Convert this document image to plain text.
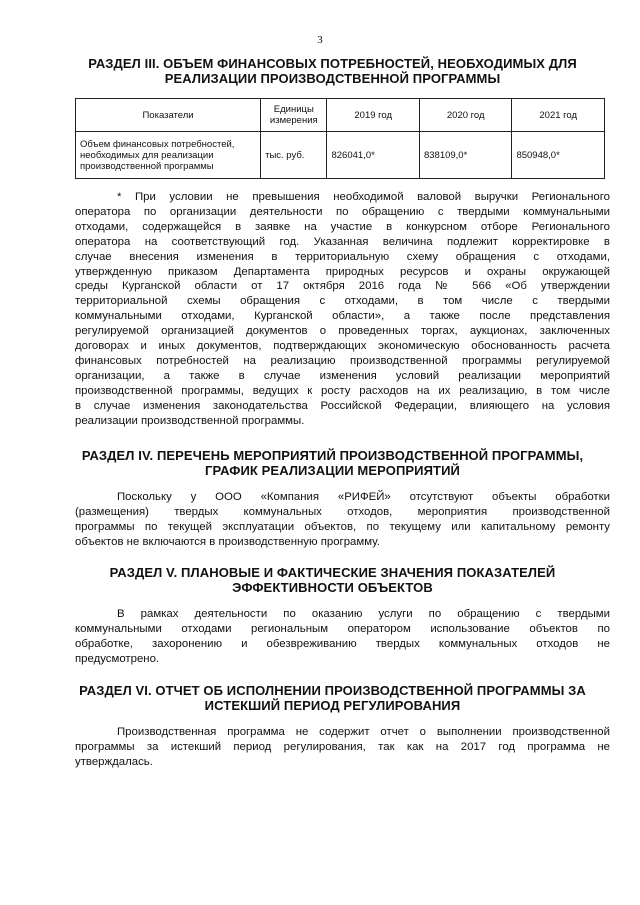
3
РАЗДЕЛ III. ОБЪЕМ ФИНАНСОВЫХ ПОТРЕБНОСТЕЙ, НЕОБХОДИМЫХ ДЛЯ
РЕАЛИЗАЦИИ ПРОИЗВОДСТВЕННОЙ ПРОГРАММЫ
Показатели	Единицы измерения	2019 год	2020 год	2021 год
Объем финансовых потребностей, необходимых для реализации производственной программы	тыс. руб.	826041,0*	838109,0*	850948,0*

* При условии не превышения необходимой валовой выручки Регионального
оператора по организации деятельности по обращению с твердыми коммунальными
отходами, содержащейся в заявке на участие в конкурсном отборе Регионального
оператора на соответствующий год. Указанная величина подлежит корректировке в
случае внесения изменения в территориальную схему обращения с отходами,
утвержденную приказом Департамента природных ресурсов и охраны окружающей
среды Курганской области от 17 октября 2016 года № 566 «Об утверждении
территориальной схемы обращения с отходами, в том числе с твердыми
коммунальными отходами, Курганской области», а также после представления
регулируемой организацией документов о проведенных торгах, аукционах, заключенных
договорах и иных документов, подтверждающих экономическую обоснованность расчета
финансовых потребностей на реализацию производственной программы регулируемой
организации, а также в случае изменения условий реализации мероприятий
производственной программы, ведущих к росту расходов на их реализацию, в том числе
в случае изменения законодательства Российской Федерации, влияющего на условия
реализации производственной программы.

РАЗДЕЛ IV. ПЕРЕЧЕНЬ МЕРОПРИЯТИЙ ПРОИЗВОДСТВЕННОЙ ПРОГРАММЫ,
ГРАФИК РЕАЛИЗАЦИИ МЕРОПРИЯТИЙ

Поскольку у ООО «Компания «РИФЕЙ» отсутствуют объекты обработки
(размещения) твердых коммунальных отходов, мероприятия производственной
программы по текущей эксплуатации объектов, по текущему или капитальному ремонту
объектов не включаются в производственную программу.

РАЗДЕЛ V. ПЛАНОВЫЕ И ФАКТИЧЕСКИЕ ЗНАЧЕНИЯ ПОКАЗАТЕЛЕЙ
ЭФФЕКТИВНОСТИ ОБЪЕКТОВ

В рамках деятельности по оказанию услуги по обращению с твердыми
коммунальными отходами региональным оператором использование объектов по
обработке, захоронению и обезвреживанию твердых коммунальных отходов не
предусмотрено.

РАЗДЕЛ VI. ОТЧЕТ ОБ ИСПОЛНЕНИИ ПРОИЗВОДСТВЕННОЙ ПРОГРАММЫ ЗА
ИСТЕКШИЙ ПЕРИОД РЕГУЛИРОВАНИЯ

Производственная программа не содержит отчет о выполнении производственной
программы за истекший период регулирования, так как на 2017 год программа не
утверждалась.
